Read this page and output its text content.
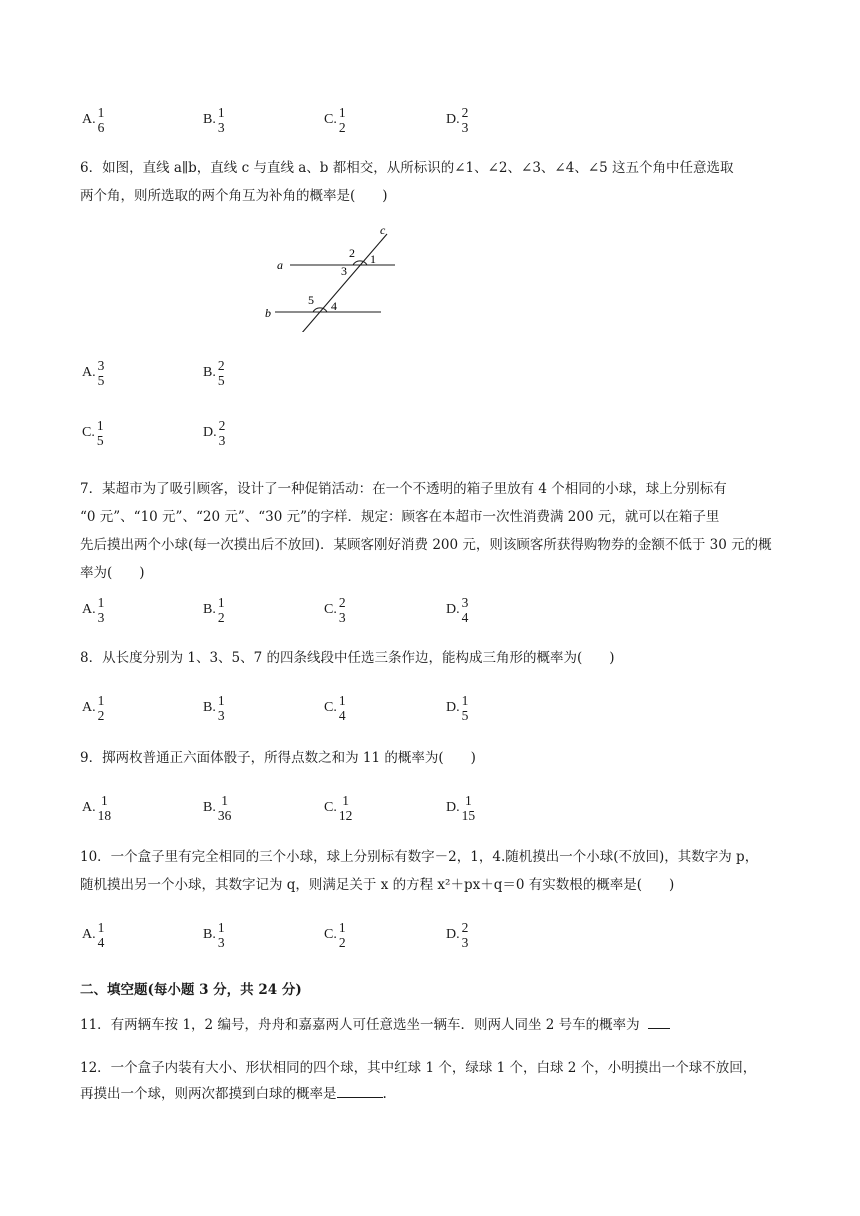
A. 1
6
B. 1
3
C. 1
2
D. 2
3
6．如图，直线 a∥b，直线 c 与直线 a、b 都相交，从所标识的∠1、∠2、∠3、∠4、∠5 这五个角中任意选取
两个角，则所选取的两个角互为补角的概率是(　　)
a
b
c
1
2
3
4
5
A. 3
5
B. 2
5
C. 1
5
D. 2
3
7．某超市为了吸引顾客，设计了一种促销活动：在一个不透明的箱子里放有 4 个相同的小球，球上分别标有
“0 元”、“10 元”、“20 元”、“30 元”的字样．规定：顾客在本超市一次性消费满 200 元，就可以在箱子里
先后摸出两个小球(每一次摸出后不放回)．某顾客刚好消费 200 元，则该顾客所获得购物券的金额不低于 30 元的概
率为(　　)
A. 1
3
B. 1
2
C. 2
3
D. 3
4
8．从长度分别为 1、3、5、7 的四条线段中任选三条作边，能构成三角形的概率为(　　)
A. 1
2
B. 1
3
C. 1
4
D. 1
5
9．掷两枚普通正六面体骰子，所得点数之和为 11 的概率为(　　)
A. 1
18
B. 1
36
C. 1
12
D. 1
15
10．一个盒子里有完全相同的三个小球，球上分别标有数字－2，1，4.随机摸出一个小球(不放回)，其数字为 p，
随机摸出另一个小球，其数字记为 q，则满足关于 x 的方程 x²＋px＋q＝0 有实数根的概率是(　　)
A. 1
4
B. 1
3
C. 1
2
D. 2
3
二、填空题(每小题 3 分，共 24 分)
11．有两辆车按 1，2 编号，舟舟和嘉嘉两人可任意选坐一辆车．则两人同坐 2 号车的概率为
12．一个盒子内装有大小、形状相同的四个球，其中红球 1 个，绿球 1 个，白球 2 个，小明摸出一个球不放回，
再摸出一个球，则两次都摸到白球的概率是	.
